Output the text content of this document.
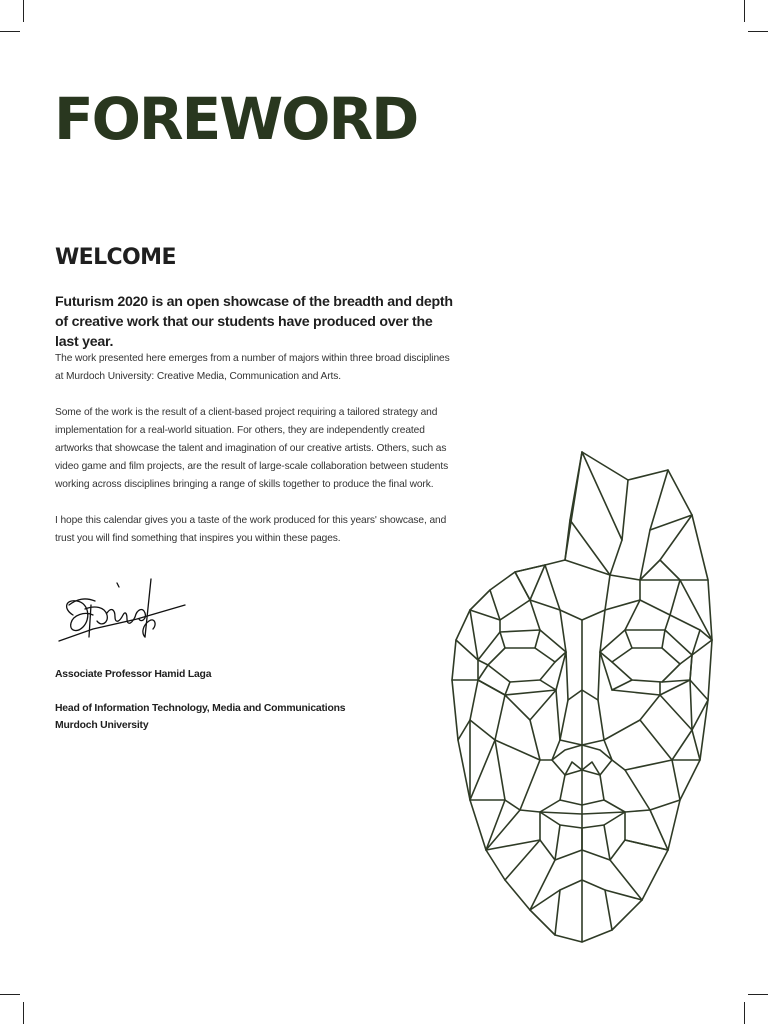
FOREWORD
WELCOME

Futurism 2020 is an open showcase of the breadth and depth of creative work that our students have produced over the last year.

The work presented here emerges from a number of majors within three broad disciplines at Murdoch University: Creative Media, Communication and Arts.

Some of the work is the result of a client-based project requiring a tailored strategy and implementation for a real-world situation. For others, they are independently created artworks that showcase the talent and imagination of our creative artists. Others, such as video game and film projects, are the result of large-scale collaboration between students working across disciplines bringing a range of skills together to produce the final work.

I hope this calendar gives you a taste of the work produced for this years' showcase, and trust you will find something that inspires you within these pages.

Associate Professor Hamid Laga

Head of Information Technology, Media and Communications

Murdoch University
